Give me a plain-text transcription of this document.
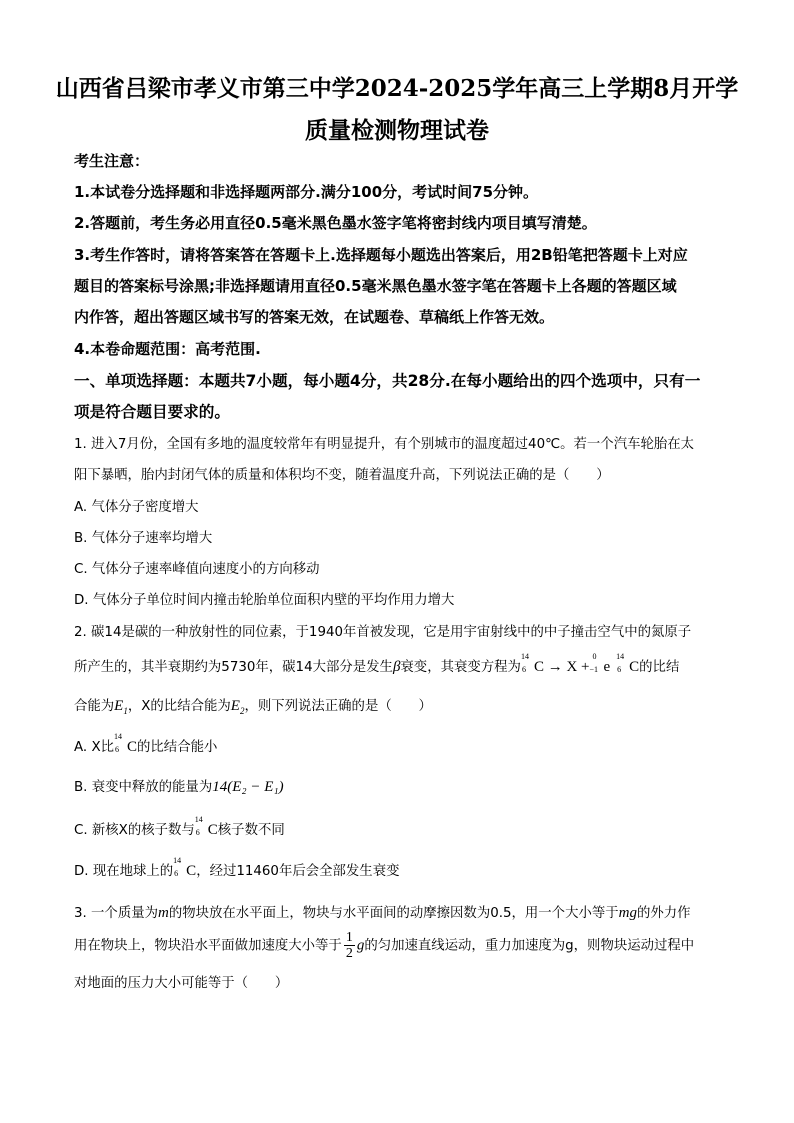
山西省吕梁市孝义市第三中学2024-2025学年高三上学期8月开学
质量检测物理试卷
考生注意：
1.本试卷分选择题和非选择题两部分.满分100分，考试时间75分钟。
2.答题前，考生务必用直径0.5毫米黑色墨水签字笔将密封线内项目填写清楚。
3.考生作答时，请将答案答在答题卡上.选择题每小题选出答案后，用2B铅笔把答题卡上对应
题目的答案标号涂黑;非选择题请用直径0.5毫米黑色墨水签字笔在答题卡上各题的答题区域
内作答，超出答题区域书写的答案无效，在试题卷、草稿纸上作答无效。
4.本卷命题范围：高考范围.
一、单项选择题：本题共7小题，每小题4分，共28分.在每小题给出的四个选项中，只有一
项是符合题目要求的。
1. 进入7月份，全国有多地的温度较常年有明显提升，有个别城市的温度超过40℃。若一个汽车轮胎在太
阳下暴晒，胎内封闭气体的质量和体积均不变，随着温度升高，下列说法正确的是（　　）
A. 气体分子密度增大
B. 气体分子速率均增大
C. 气体分子速率峰值向速度小的方向移动
D. 气体分子单位时间内撞击轮胎单位面积内壁的平均作用力增大
2. 碳14是碳的一种放射性的同位素，于1940年首被发现，它是用宇宙射线中的中子撞击空气中的氮原子
所产生的，其半衰期约为5730年，碳14大部分是发生β衰变，其衰变方程为
14
6 C → X +
0
−1 e
14
6 C的比结
合能为$E_1$，X的比结合能为$E_2$，则下列说法正确的是（　　）
A. X比
14
6 C的比结合能小
B. 衰变中释放的能量为14(E₂ − E₁)
C. 新核X的核子数与
14
6 C核子数不同
D. 现在地球上的
14
6 C，经过11460年后会全部发生衰变
3. 一个质量为m的物块放在水平面上，物块与水平面间的动摩擦因数为0.5，用一个大小等于mg的外力作
用在物块上，物块沿水平面做加速度大小等于 $\frac{1}{2}$ g的匀加速直线运动，重力加速度为g，则物块运动过程中
对地面的压力大小可能等于（　　）
